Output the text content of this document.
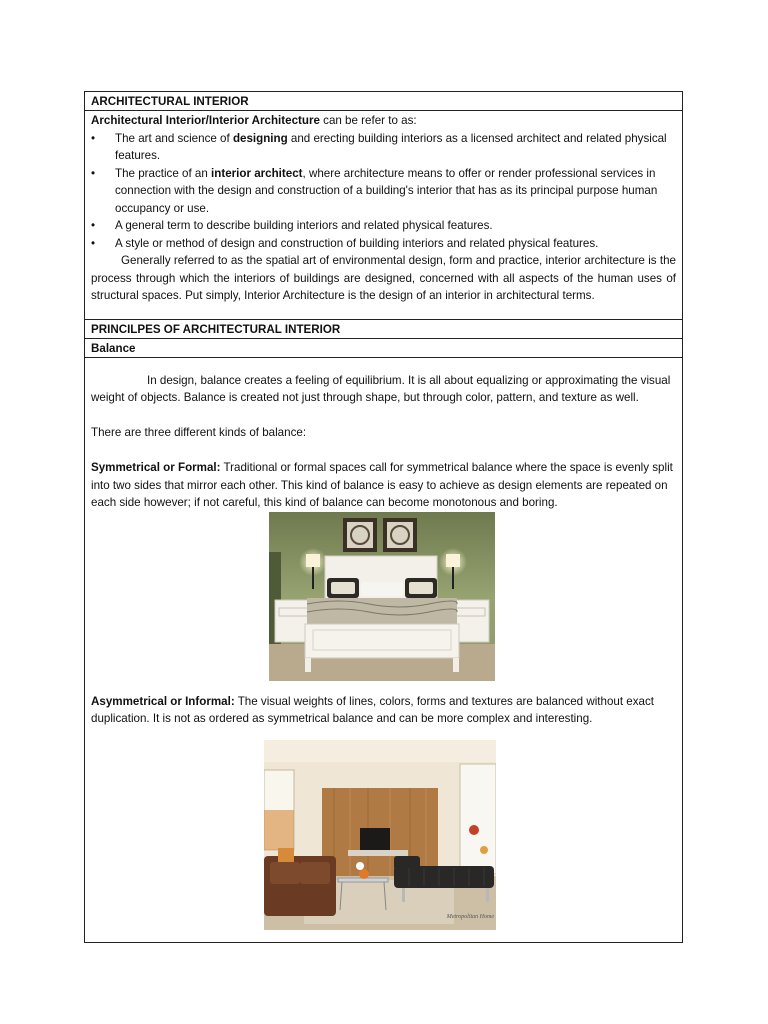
ARCHITECTURAL INTERIOR
Architectural Interior/Interior Architecture can be refer to as:
• The art and science of designing and erecting building interiors as a licensed architect and related physical features.
• The practice of an interior architect, where architecture means to offer or render professional services in connection with the design and construction of a building's interior that has as its principal purpose human occupancy or use.
• A general term to describe building interiors and related physical features.
• A style or method of design and construction of building interiors and related physical features.

Generally referred to as the spatial art of environmental design, form and practice, interior architecture is the process through which the interiors of buildings are designed, concerned with all aspects of the human uses of structural spaces. Put simply, Interior Architecture is the design of an interior in architectural terms.

PRINCILPES OF ARCHITECTURAL INTERIOR
Balance

In design, balance creates a feeling of equilibrium. It is all about equalizing or approximating the visual weight of objects. Balance is created not just through shape, but through color, pattern, and texture as well.

There are three different kinds of balance:

Symmetrical or Formal: Traditional or formal spaces call for symmetrical balance where the space is evenly split into two sides that mirror each other. This kind of balance is easy to achieve as design elements are repeated on each side however; if not careful, this kind of balance can become monotonous and boring.

Asymmetrical or Informal: The visual weights of lines, colors, forms and textures are balanced without exact duplication. It is not as ordered as symmetrical balance and can be more complex and interesting.

Metropolitan Home
